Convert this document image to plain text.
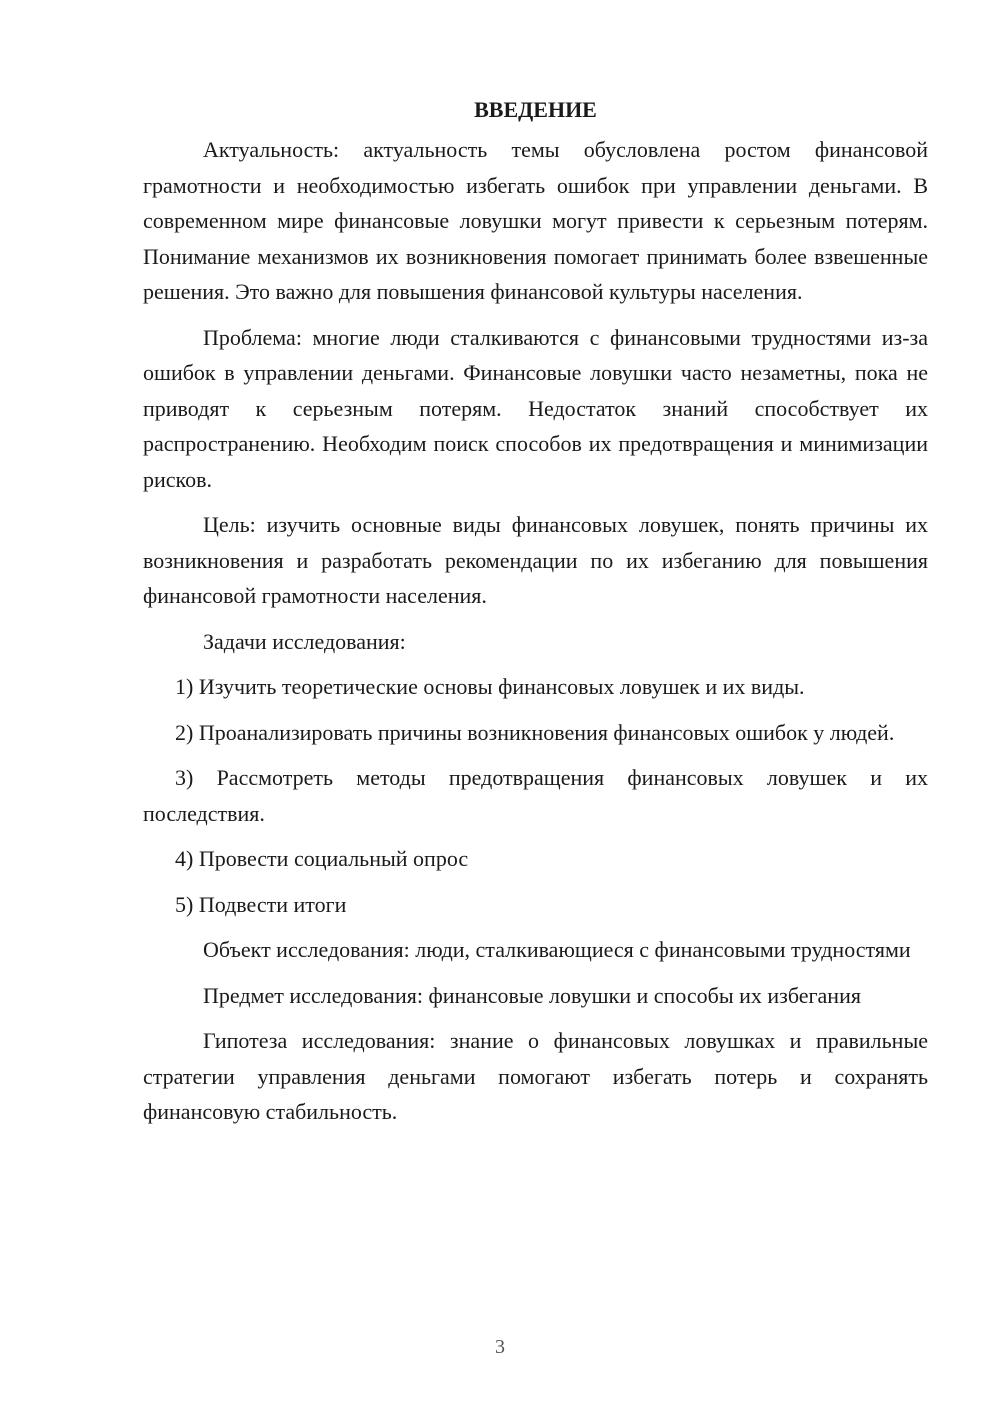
ВВЕДЕНИЕ

Актуальность: актуальность темы обусловлена ростом финансовой грамотности и необходимостью избегать ошибок при управлении деньгами. В современном мире финансовые ловушки могут привести к серьезным потерям. Понимание механизмов их возникновения помогает принимать более взвешенные решения. Это важно для повышения финансовой культуры населения.

Проблема: многие люди сталкиваются с финансовыми трудностями из-за ошибок в управлении деньгами. Финансовые ловушки часто незаметны, пока не приводят к серьезным потерям. Недостаток знаний способствует их распространению. Необходим поиск способов их предотвращения и минимизации рисков.

Цель: изучить основные виды финансовых ловушек, понять причины их возникновения и разработать рекомендации по их избеганию для повышения финансовой грамотности населения.

Задачи исследования:

1) Изучить теоретические основы финансовых ловушек и их виды.

2) Проанализировать причины возникновения финансовых ошибок у людей.

3) Рассмотреть методы предотвращения финансовых ловушек и их последствия.

4) Провести социальный опрос

5) Подвести итоги

Объект исследования: люди, сталкивающиеся с финансовыми трудностями

Предмет исследования: финансовые ловушки и способы их избегания

Гипотеза исследования: знание о финансовых ловушках и правильные стратегии управления деньгами помогают избегать потерь и сохранять финансовую стабильность.

3
